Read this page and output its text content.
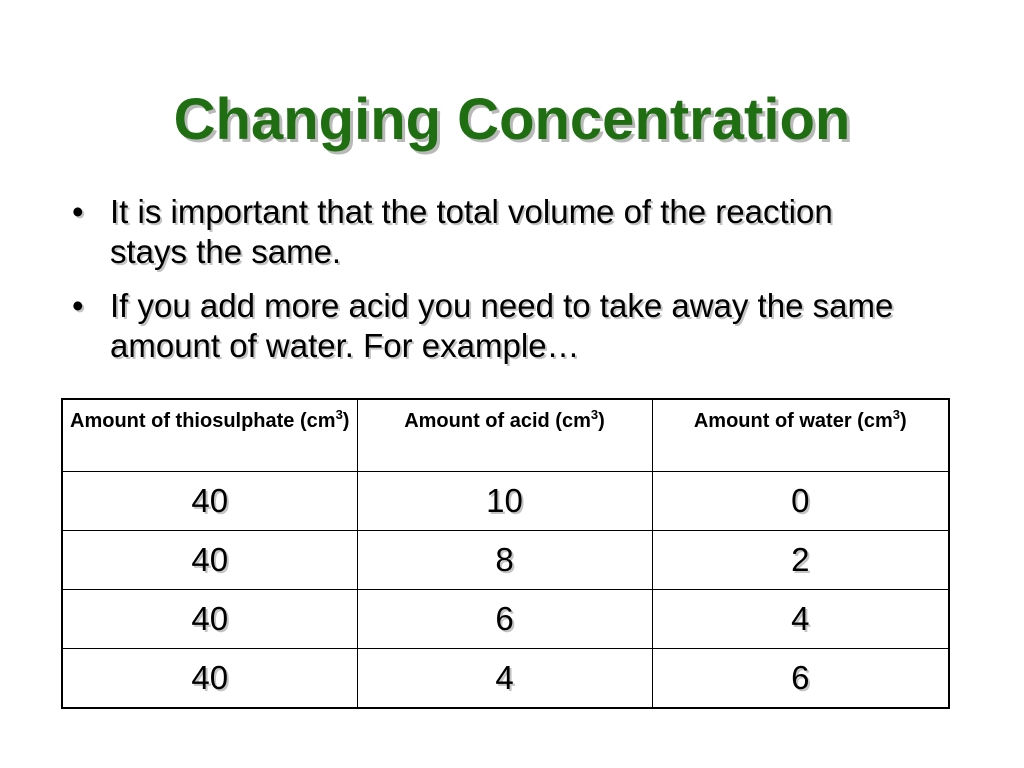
Changing Concentration
• It is important that the total volume of the reaction stays the same.
• If you add more acid you need to take away the same amount of water. For example…
Amount of thiosulphate $(cm^3)$	Amount of acid $(cm^3)$	Amount of water $(cm^3)$
40	10	0
40	8	2
40	6	4
40	4	6
